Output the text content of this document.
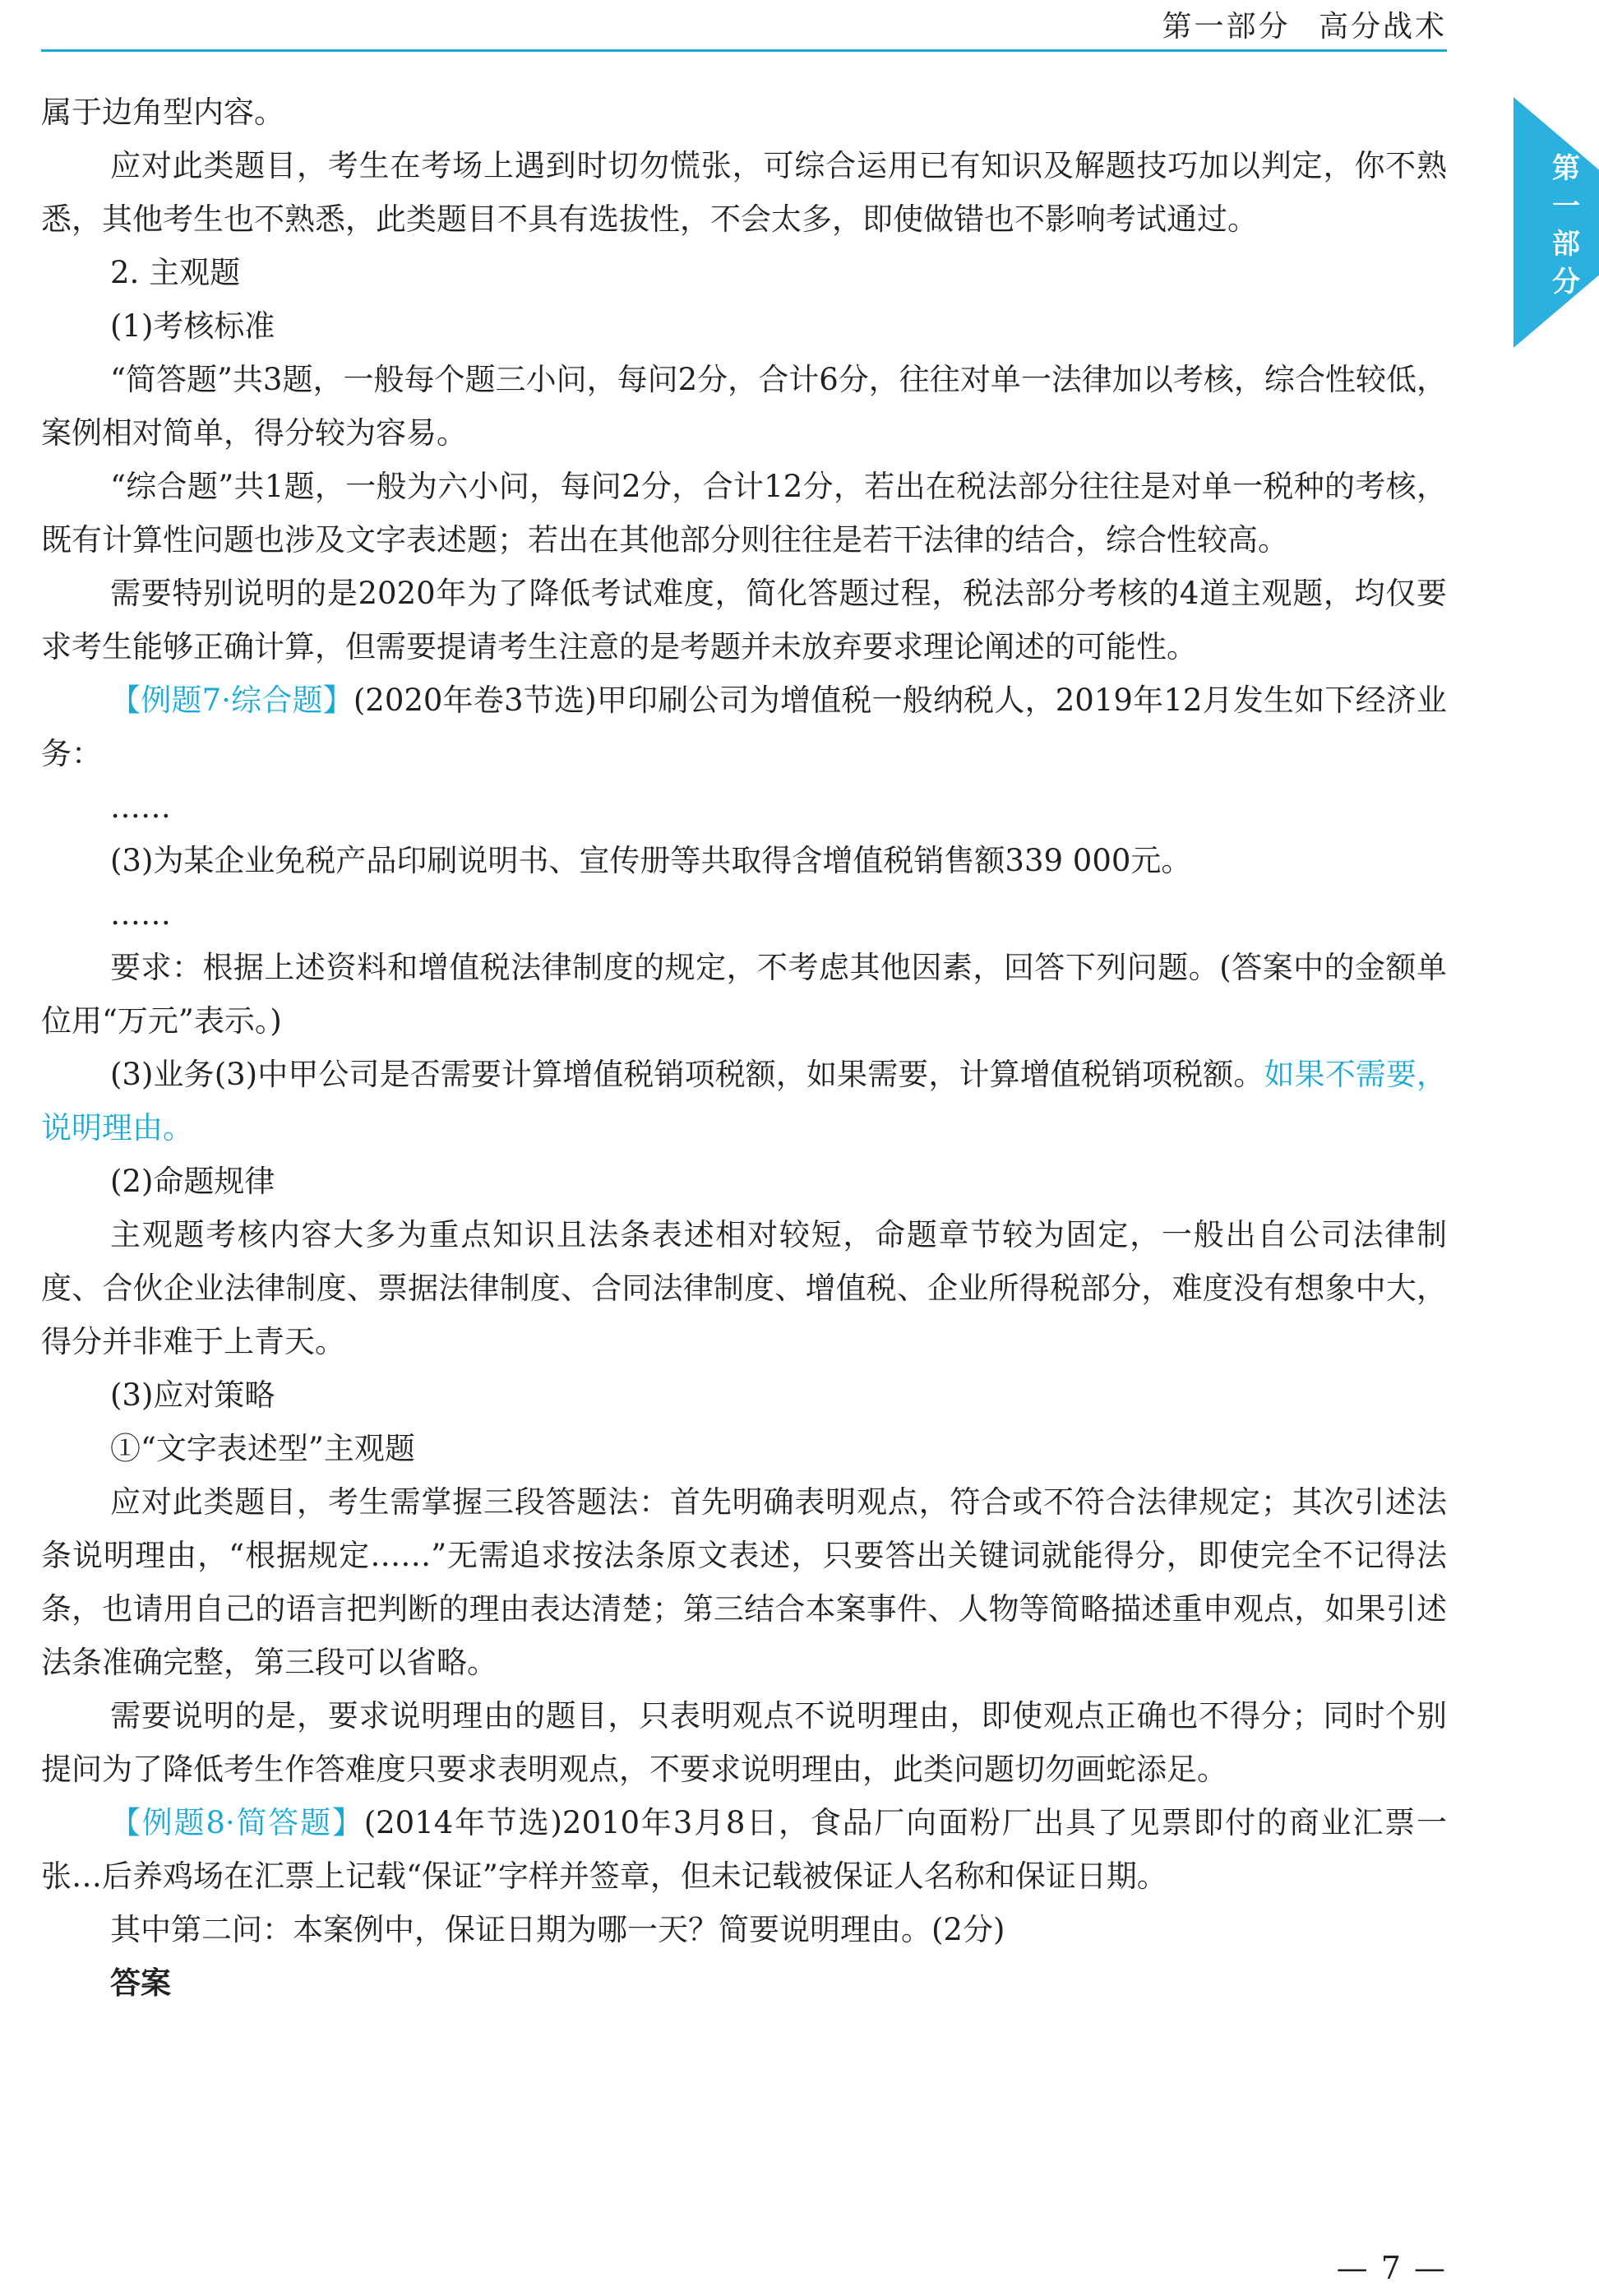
第一部分 高分战术
第一部分

属于边角型内容。

应对此类题目，考生在考场上遇到时切勿慌张，可综合运用已有知识及解题技巧加以判定，你不熟悉，其他考生也不熟悉，此类题目不具有选拔性，不会太多，即使做错也不影响考试通过。

2. 主观题

(1)考核标准

“简答题”共3题，一般每个题三小问，每问2分，合计6分，往往对单一法律加以考核，综合性较低，案例相对简单，得分较为容易。

“综合题”共1题，一般为六小问，每问2分，合计12分，若出在税法部分往往是对单一税种的考核，既有计算性问题也涉及文字表述题；若出在其他部分则往往是若干法律的结合，综合性较高。

需要特别说明的是2020年为了降低考试难度，简化答题过程，税法部分考核的4道主观题，均仅要求考生能够正确计算，但需要提请考生注意的是考题并未放弃要求理论阐述的可能性。

【例题7·综合题】(2020年卷3节选)甲印刷公司为增值税一般纳税人，2019年12月发生如下经济业务：

……

(3)为某企业免税产品印刷说明书、宣传册等共取得含增值税销售额339 000元。

……

要求：根据上述资料和增值税法律制度的规定，不考虑其他因素，回答下列问题。(答案中的金额单位用“万元”表示。)

(3)业务(3)中甲公司是否需要计算增值税销项税额，如果需要，计算增值税销项税额。如果不需要，说明理由。

(2)命题规律

主观题考核内容大多为重点知识且法条表述相对较短，命题章节较为固定，一般出自公司法律制度、合伙企业法律制度、票据法律制度、合同法律制度、增值税、企业所得税部分，难度没有想象中大，得分并非难于上青天。

(3)应对策略

①“文字表述型”主观题

应对此类题目，考生需掌握三段答题法：首先明确表明观点，符合或不符合法律规定；其次引述法条说明理由，“根据规定……”无需追求按法条原文表述，只要答出关键词就能得分，即使完全不记得法条，也请用自己的语言把判断的理由表达清楚；第三结合本案事件、人物等简略描述重申观点，如果引述法条准确完整，第三段可以省略。

需要说明的是，要求说明理由的题目，只表明观点不说明理由，即使观点正确也不得分；同时个别提问为了降低考生作答难度只要求表明观点，不要求说明理由，此类问题切勿画蛇添足。

【例题8·简答题】(2014年节选)2010年3月8日，食品厂向面粉厂出具了见票即付的商业汇票一张…后养鸡场在汇票上记载“保证”字样并签章，但未记载被保证人名称和保证日期。

其中第二问：本案例中，保证日期为哪一天？简要说明理由。(2分)

答案

— 7 —
